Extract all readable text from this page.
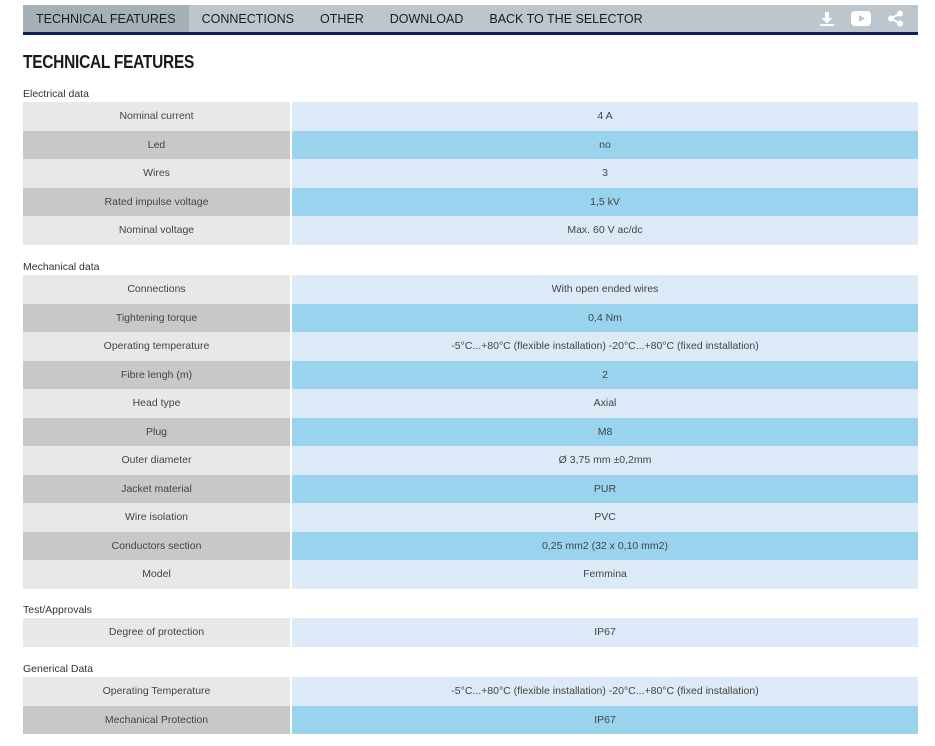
TECHNICAL FEATURES	CONNECTIONS	OTHER	DOWNLOAD	BACK TO THE SELECTOR
TECHNICAL FEATURES
Electrical data
Nominal current	4 A
Led	no
Wires	3
Rated impulse voltage	1,5 kV
Nominal voltage	Max. 60 V ac/dc
Mechanical data
Connections	With open ended wires
Tightening torque	0,4 Nm
Operating temperature	-5°C...+80°C (flexible installation) -20°C...+80°C (fixed installation)
Fibre lengh (m)	2
Head type	Axial
Plug	M8
Outer diameter	Ø 3,75 mm ±0,2mm
Jacket material	PUR
Wire isolation	PVC
Conductors section	0,25 mm2 (32 x 0,10 mm2)
Model	Femmina
Test/Approvals
Degree of protection	IP67
Generical Data
Operating Temperature	-5°C...+80°C (flexible installation) -20°C...+80°C (fixed installation)
Mechanical Protection	IP67
